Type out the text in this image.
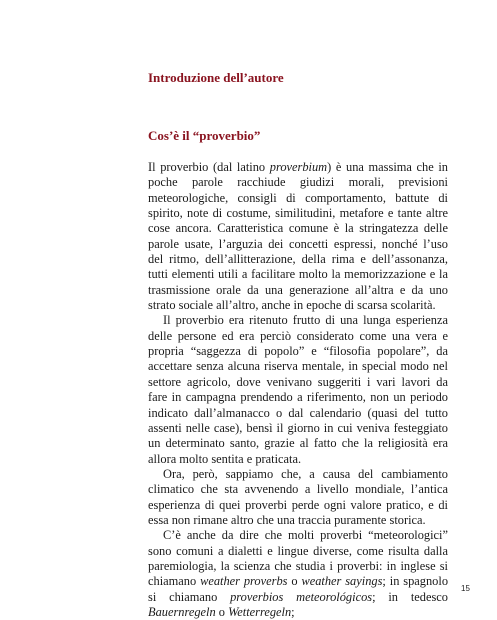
Introduzione dell’autore
Cos’è il “proverbio”

Il proverbio (dal latino proverbium) è una massima che in poche parole racchiude giudizi morali, previsioni meteorologiche, consigli di comportamento, battute di spirito, note di costume, similitudini, metafore e tante altre cose ancora. Caratteristica comune è la stringatezza delle parole usate, l’arguzia dei concetti espressi, nonché l’uso del ritmo, dell’allitterazione, della rima e dell’assonanza, tutti elementi utili a facilitare molto la memorizzazione e la trasmissione orale da una generazione all’altra e da uno strato sociale all’altro, anche in epoche di scarsa scolarità.

Il proverbio era ritenuto frutto di una lunga esperienza delle persone ed era perciò considerato come una vera e propria “saggezza di popolo” e “filosofia popolare”, da accettare senza alcuna riserva mentale, in special modo nel settore agricolo, dove venivano suggeriti i vari lavori da fare in campagna prendendo a riferimento, non un periodo indicato dall’almanacco o dal calendario (quasi del tutto assenti nelle case), bensì il giorno in cui veniva festeggiato un determinato santo, grazie al fatto che la religiosità era allora molto sentita e praticata.

Ora, però, sappiamo che, a causa del cambiamento climatico che sta avvenendo a livello mondiale, l’antica esperienza di quei proverbi perde ogni valore pratico, e di essa non rimane altro che una traccia puramente storica.

C’è anche da dire che molti proverbi “meteorologici” sono comuni a dialetti e lingue diverse, come risulta dalla paremiologia, la scienza che studia i proverbi: in inglese si chiamano weather proverbs o weather sayings; in spagnolo si chiamano proverbios meteorológicos; in tedesco Bauernregeln o Wetterregeln;

15
